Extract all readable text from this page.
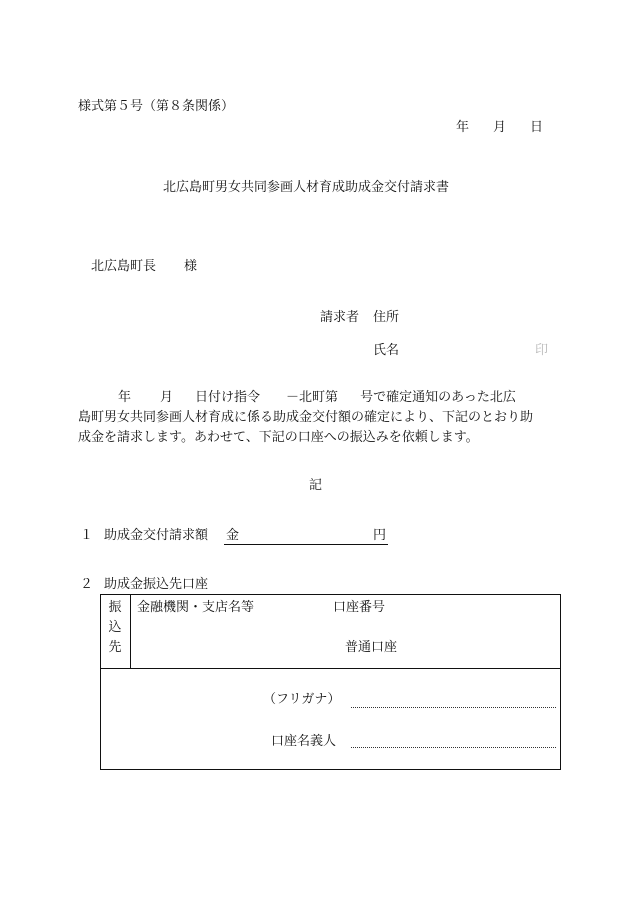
様式第５号（第８条関係）
年 月 日
北広島町男女共同参画人材育成助成金交付請求書
北広島町長 様
請求者 住所
氏名	印
年 月 日付け指令 －北町第 号で確定通知のあった北広
島町男女共同参画人材育成に係る助成金交付額の確定により、下記のとおり助
成金を請求します。あわせて、下記の口座への振込みを依頼します。
記
１ 助成金交付請求額 金	円
２ 助成金振込先口座
振
込
先
金融機関・支店名等	口座番号
普通口座
（フリガナ）
口座名義人
